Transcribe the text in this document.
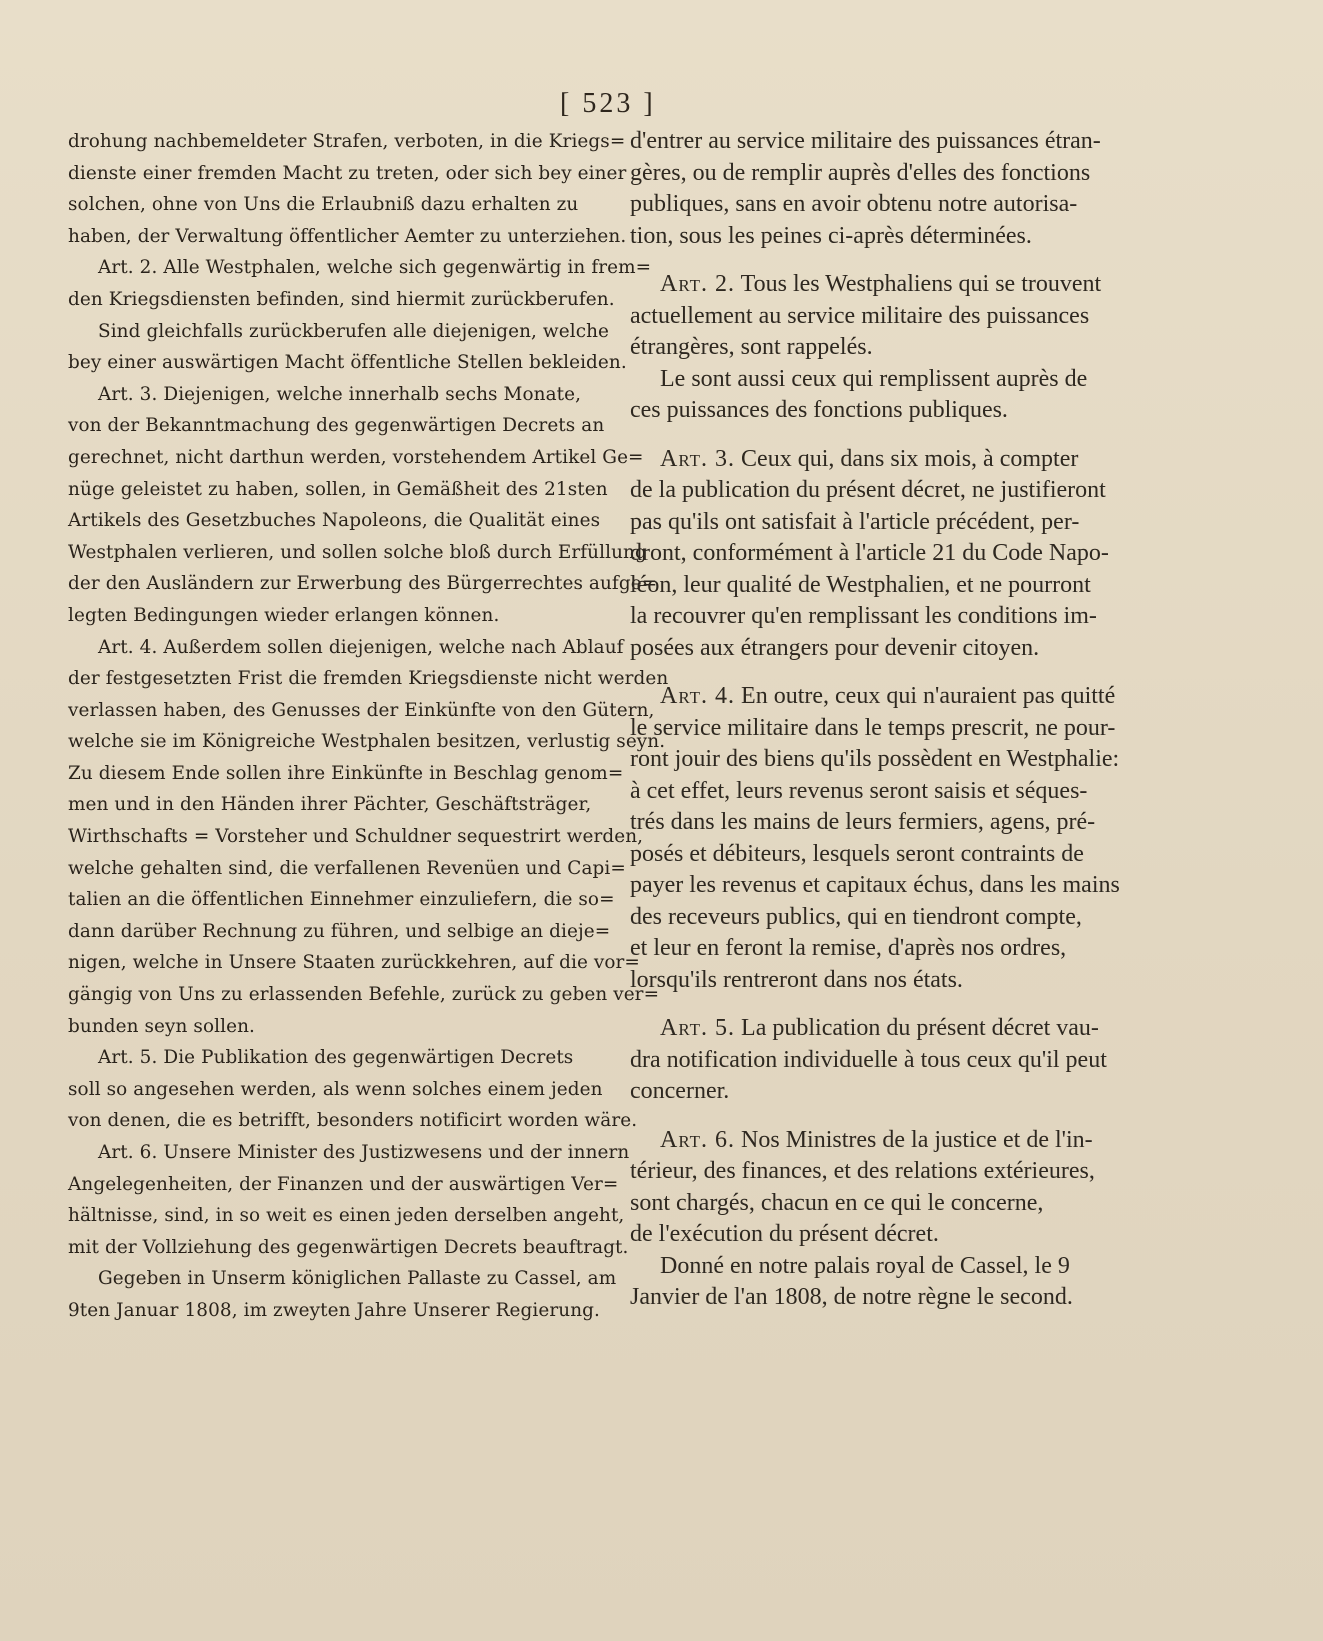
[ 523 ]
drohung nachbemeldeter Strafen, verboten, in die Kriegs=
dienste einer fremden Macht zu treten, oder sich bey einer
solchen, ohne von Uns die Erlaubniß dazu erhalten zu
haben, der Verwaltung öffentlicher Aemter zu unterziehen.
Art. 2. Alle Westphalen, welche sich gegenwärtig in frem=
den Kriegsdiensten befinden, sind hiermit zurückberufen.
Sind gleichfalls zurückberufen alle diejenigen, welche
bey einer auswärtigen Macht öffentliche Stellen bekleiden.
Art. 3. Diejenigen, welche innerhalb sechs Monate,
von der Bekanntmachung des gegenwärtigen Decrets an
gerechnet, nicht darthun werden, vorstehendem Artikel Ge=
nüge geleistet zu haben, sollen, in Gemäßheit des 21sten
Artikels des Gesetzbuches Napoleons, die Qualität eines
Westphalen verlieren, und sollen solche bloß durch Erfüllung
der den Ausländern zur Erwerbung des Bürgerrechtes aufge=
legten Bedingungen wieder erlangen können.
Art. 4. Außerdem sollen diejenigen, welche nach Ablauf
der festgesetzten Frist die fremden Kriegsdienste nicht werden
verlassen haben, des Genusses der Einkünfte von den Gütern,
welche sie im Königreiche Westphalen besitzen, verlustig seyn.
Zu diesem Ende sollen ihre Einkünfte in Beschlag genom=
men und in den Händen ihrer Pächter, Geschäftsträger,
Wirthschafts = Vorsteher und Schuldner sequestrirt werden,
welche gehalten sind, die verfallenen Revenüen und Capi=
talien an die öffentlichen Einnehmer einzuliefern, die so=
dann darüber Rechnung zu führen, und selbige an dieje=
nigen, welche in Unsere Staaten zurückkehren, auf die vor=
gängig von Uns zu erlassenden Befehle, zurück zu geben ver=
bunden seyn sollen.
Art. 5. Die Publikation des gegenwärtigen Decrets
soll so angesehen werden, als wenn solches einem jeden
von denen, die es betrifft, besonders notificirt worden wäre.
Art. 6. Unsere Minister des Justizwesens und der innern
Angelegenheiten, der Finanzen und der auswärtigen Ver=
hältnisse, sind, in so weit es einen jeden derselben angeht,
mit der Vollziehung des gegenwärtigen Decrets beauftragt.
Gegeben in Unserm königlichen Pallaste zu Cassel, am
9ten Januar 1808, im zweyten Jahre Unserer Regierung.
d'entrer au service militaire des puissances étran-
gères, ou de remplir auprès d'elles des fonctions
publiques, sans en avoir obtenu notre autorisa-
tion, sous les peines ci-après déterminées.
Art. 2. Tous les Westphaliens qui se trouvent
actuellement au service militaire des puissances
étrangères, sont rappelés.
Le sont aussi ceux qui remplissent auprès de
ces puissances des fonctions publiques.
Art. 3. Ceux qui, dans six mois, à compter
de la publication du présent décret, ne justifieront
pas qu'ils ont satisfait à l'article précédent, per-
dront, conformément à l'article 21 du Code Napo-
léon, leur qualité de Westphalien, et ne pourront
la recouvrer qu'en remplissant les conditions im-
posées aux étrangers pour devenir citoyen.
Art. 4. En outre, ceux qui n'auraient pas quitté
le service militaire dans le temps prescrit, ne pour-
ront jouir des biens qu'ils possèdent en Westphalie:
à cet effet, leurs revenus seront saisis et séques-
trés dans les mains de leurs fermiers, agens, pré-
posés et débiteurs, lesquels seront contraints de
payer les revenus et capitaux échus, dans les mains
des receveurs publics, qui en tiendront compte,
et leur en feront la remise, d'après nos ordres,
lorsqu'ils rentreront dans nos états.
Art. 5. La publication du présent décret vau-
dra notification individuelle à tous ceux qu'il peut
concerner.
Art. 6. Nos Ministres de la justice et de l'in-
térieur, des finances, et des relations extérieures,
sont chargés, chacun en ce qui le concerne,
de l'exécution du présent décret.
Donné en notre palais royal de Cassel, le 9
Janvier de l'an 1808, de notre règne le second.
